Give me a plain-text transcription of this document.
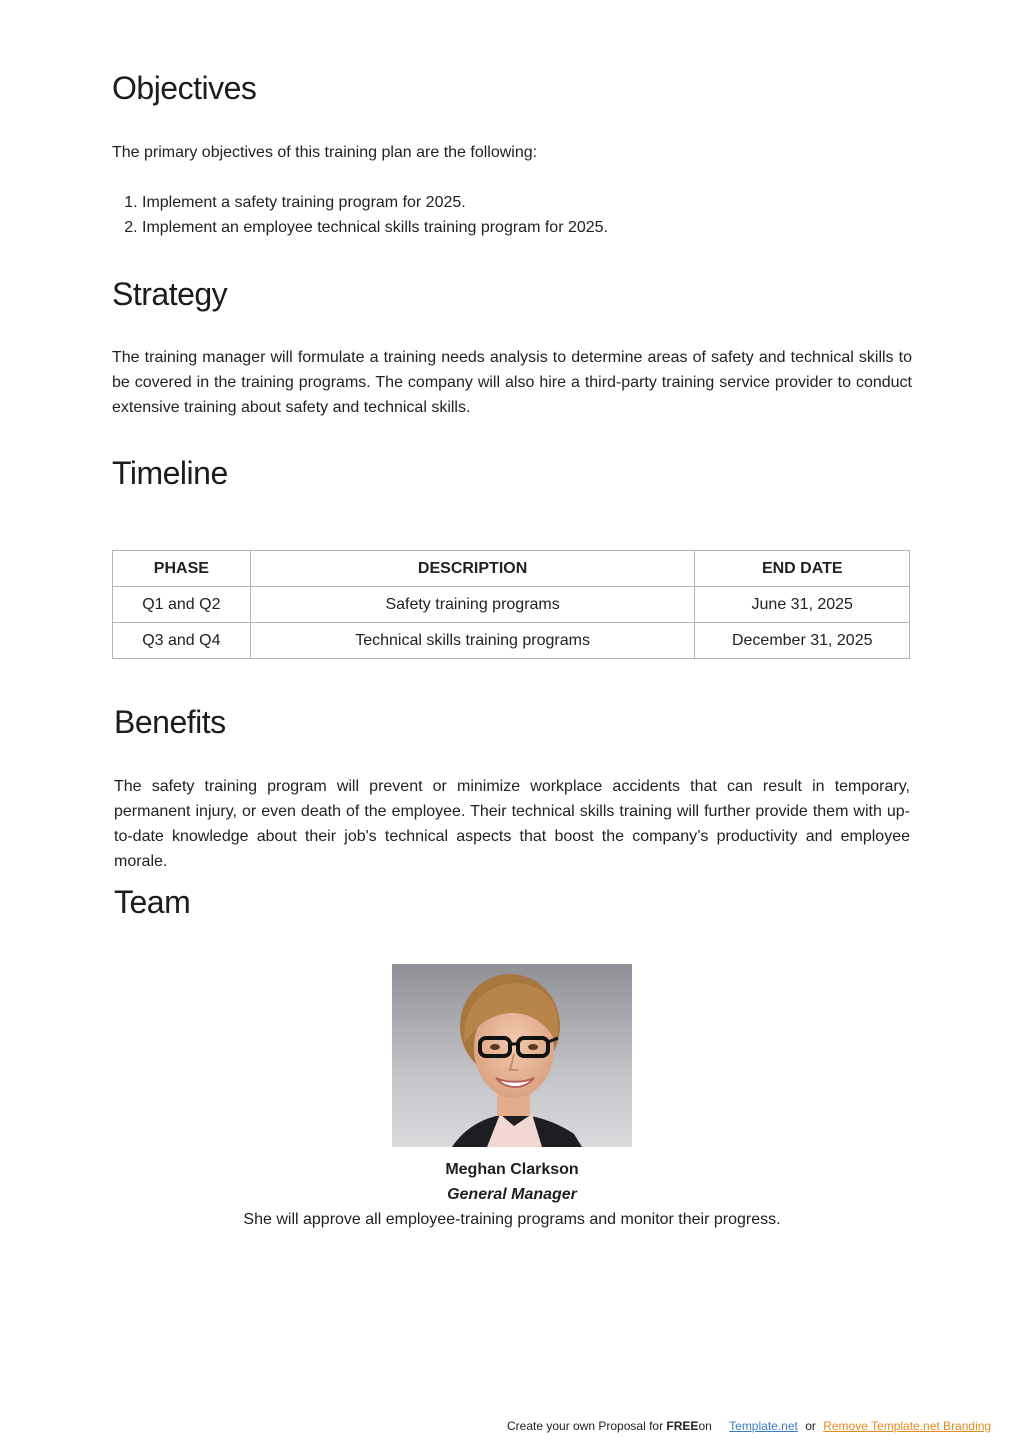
Objectives

The primary objectives of this training plan are the following:

1. Implement a safety training program for 2025.
2. Implement an employee technical skills training program for 2025.
Strategy

The training manager will formulate a training needs analysis to determine areas of safety and technical skills to be covered in the training programs. The company will also hire a third-party training service provider to conduct extensive training about safety and technical skills.

Timeline
PHASE	DESCRIPTION	END DATE
Q1 and Q2	Safety training programs	June 31, 2025
Q3 and Q4	Technical skills training programs	December 31, 2025
Benefits

The safety training program will prevent or minimize workplace accidents that can result in temporary, permanent injury, or even death of the employee. Their technical skills training will further provide them with up-to-date knowledge about their job's technical aspects that boost the company’s productivity and employee morale.

Team
Meghan Clarkson
General Manager
She will approve all employee-training programs and monitor their progress.
Create your own Proposal for FREEon Template.net or Remove Template.net Branding
